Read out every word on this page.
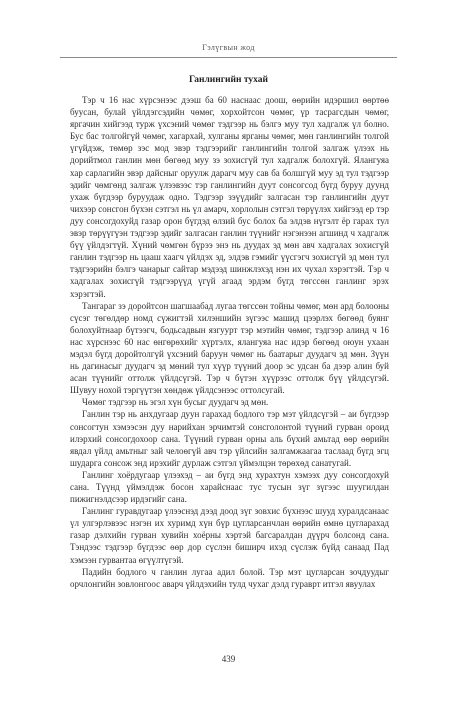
Гэлүгвын жод
Ганлингийн тухай

Тэр ч 16 нас хүрсэнээс дээш ба 60 наснаас доош, өөрийн идэршил өөртөө буусан, булай үйлдэгсэдийн чөмөг, хорхойтсон чөмөг, үр тасрагсдын чөмөг, яргачин хийгээд турж үхсэний чөмөг тэдгээр нь бэлгэ муу тул хадгалж үл болно. Бус бас толгойгүй чөмөг, хагархай, хулганы ярганы чөмөг, мөн ганлингийн толгой үгүйдэж, төмөр зэс мод эвэр тэдгээрийг ганлингийн толгой залгаж үлээх нь дорийтмол ганлин мөн бөгөөд муу зэ зохисгүй тул хадгалж болохгүй. Ялангуяа хар сарлагийн эвэр дайсныг оруулж дарагч муу сав ба болшгүй муу эд тул тэдгээр эдийг чөмгөнд залгаж үлээвээс тэр ганлингийн дуут сонсогсод бүгд буруу дуунд ухаж бүгдээр буруудаж одно. Тэдгээр зэүүдийг залгасан тэр ганлингийн дуут чихээр сонсгон бүхэн сэтгэл нь үл амарч, хорлолын сэтгэл төрүүлэх хийгээд ер тэр дуу сонсогдохуйд газар орон бүгдэд өлзий бус болох ба элдэв нүгэлт ёр гарах тул эвэр төрүүгүэн тэдгээр эдийг залгасан ганлин түүнийг нэгэнээн агшинд ч хадгалж бүү үйлдэгтүй. Хүний чөмгөн бүрээ энэ нь дуудах эд мөн авч хадгалах зохисгүй ганлин тэдгээр нь цааш хаагч үйлдэх эд, элдэв гэмийг үүсгэгч зохисгүй эд мөн тул тэдгээрийн бэлгэ чанарыг сайтар мэдээд шинжлэхэд нэн их чухал хэрэгтэй. Тэр ч хадгалах зохисгүй тэдгээрүүд үгүй агаад эрдэм бүгд төгссөн ганлинг эрэх хэрэгтэй.

Тангараг зэ доройтсон шагшаабад лугаа төгссөн тойны чөмөг, мөн ард болооны сүсэг төгөлдөр номд сүжигтэй хилэншийн зүгээс машид цээрлэх бөгөөд буянг болохуйтнаар бүтээгч, бодьсадвын язгуурт тэр мэтийн чөмөг, тэдгээр алинд ч 16 нас хүрснээс 60 нас өнгөрөхийг хүртэлх, ялангуяа нас идэр бөгөөд оюун ухаан мэдэл бүгд доройтолгүй үхсэний баруун чөмөг нь баатарыг дуудагч эд мөн. Зүүн нь дагинасыг дуудагч эд мөний тул хүүр түүний доор эс удсан ба дээр алин буй асан түүнийг оттолж үйлдсүгэй. Тэр ч бүтэн хүүрээс оттолж бүү үйлдсүгэй. Шувуу нохой тэргүүтэн хөндөж үйлдсэнээс оттолсугай.

Чөмөг тэдгээр нь эгэл хүн бусыг дуудагч эд мөн.

Ганлин тэр нь анхдугаар дуун гарахад бодлого тэр мэт үйлдсүгэй – аи бүгдээр сонсогтун хэмээсэн дуу нарийхан эрчимтэй сонсголонтой түүний гурван ороид илэрхий сонсогдохоор сана. Түүний гурван орны аль бүхий амьтад өөр өөрийн явдал үйлд амьтныг зай челоөгүй авч тэр үйлсийн залгамжаагаа таслаад бүгд эгц шударга сонсож энд ирэхийг дурлаж сэтгэл үймэлцэн төрөхөд санатугай.

Ганлинг хоёрдугаар үлээхэд – аи бүгд энд хурахтун хэмээх дуу сонсогдохуй сана. Түүнд үймэлдэж босон харайснаас тус тусын зүг зүгээс шуугилдан пижигнэлдсээр ирдэгийг сана.

Ганлинг гуравдугаар үлээснэд дээд доод зүг зовхис бүхнээс шууд хуралдсанаас үл улгэрлэвээс нэгэн их хуримд хүн бүр цугларсанчлан өөрийн өмнө цугларахад газар дэлхийн гурван хувийн хоёрны хэртэй багсаралдан дүүрч болсонд сана. Тэндээс тэдгээр бүгдээс өөр дор сүслэн биширч ихэд сүслэж бүйд санаад Пад хэмээн гурвантаа өгүүлтүгэй.

Падийн бодлого ч ганлин лугаа адил болой. Тэр мэт цугларсан зочдуудыг орчлонгийн зовлонгоос аварч үйлдэхийн тулд чухаг дэлд гураврт итгэл явуулах

439
